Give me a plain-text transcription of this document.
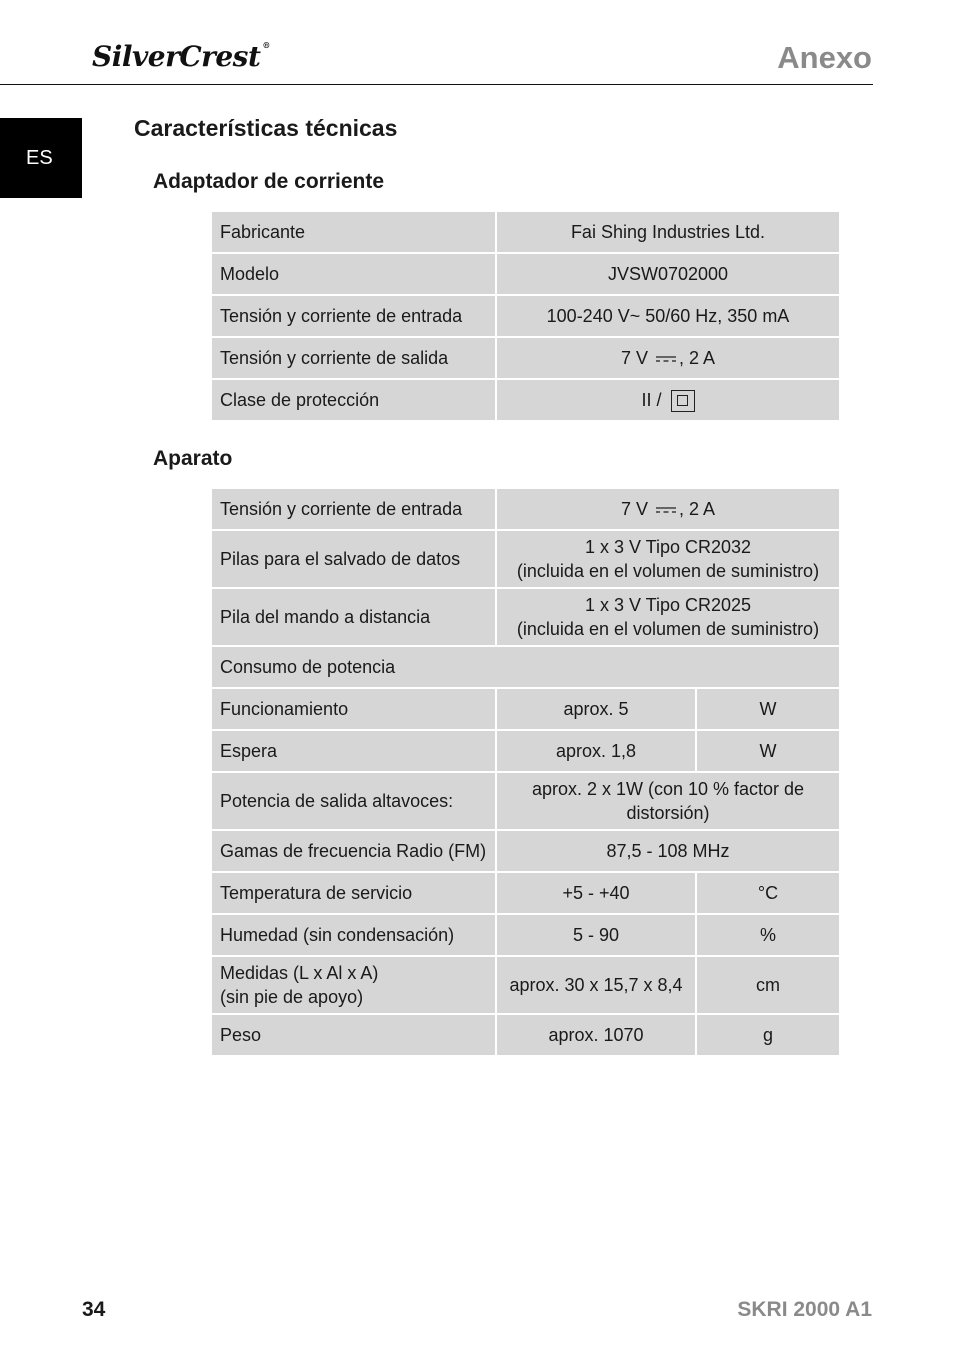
SilverCrest ®	Anexo
ES
Características técnicas
Adaptador de corriente
Fabricante	Fai Shing Industries Ltd.
Modelo	JVSW0702000
Tensión y corriente de entrada	100-240 V~ 50/60 Hz, 350 mA
Tensión y corriente de salida	7 V , 2 A
Clase de protección	II /
Aparato
Tensión y corriente de entrada	7 V , 2 A	
Pilas para el salvado de datos	1 x 3 V Tipo CR2032
(incluida en el volumen de suministro)	

Pila del mando a distancia	1 x 3 V Tipo CR2025
(incluida en el volumen de suministro)	

Consumo de potencia		
Funcionamiento	aprox. 5	W
Espera	aprox. 1,8	W
Potencia de salida altavoces:	aprox. 2 x 1W (con 10 % factor de
distorsión)	

Gamas de frecuencia Radio (FM)	87,5 - 108 MHz	
Temperatura de servicio	+5 - +40	°C
Humedad (sin condensación)	5 - 90	%

Medidas (L x Al x A)
(sin pie de apoyo)	aprox. 30 x 15,7 x 8,4	cm
Peso	aprox. 1070	g
34	SKRI 2000 A1
